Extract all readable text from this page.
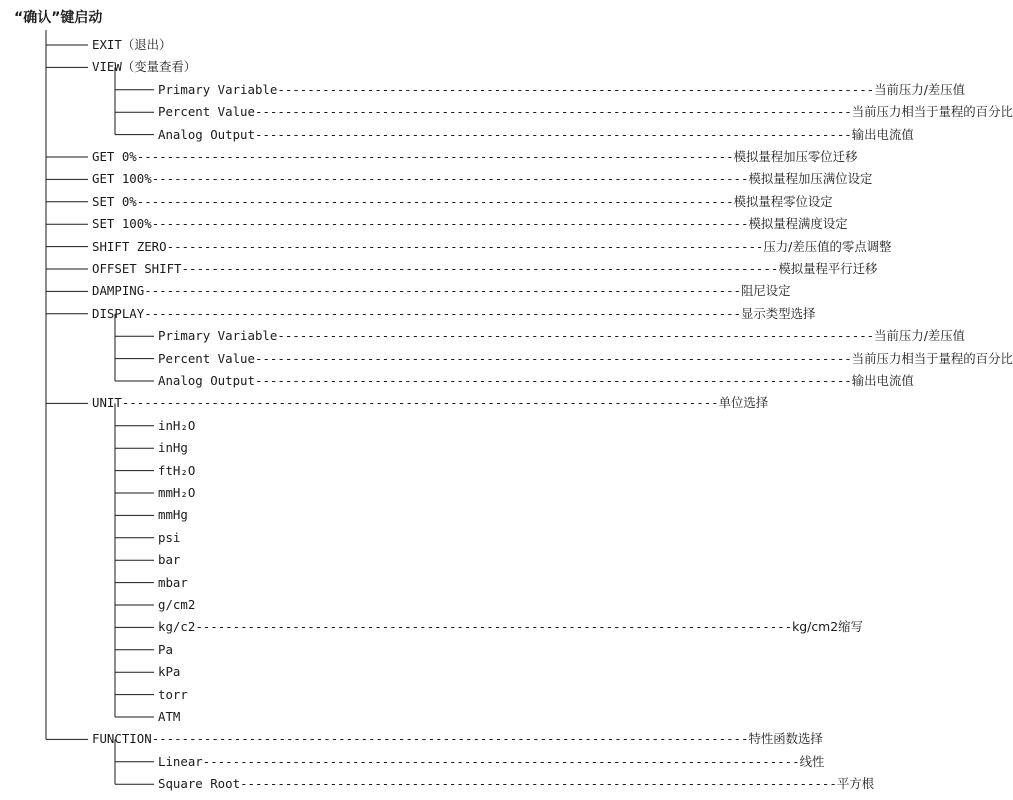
“确认”键启动
EXIT（退出）
VIEW（变量查看）
Primary Variable -------------------------------------------------------------------------------- 当前压力/差压值
Percent Value -------------------------------------------------------------------------------- 当前压力相当于量程的百分比
Analog Output -------------------------------------------------------------------------------- 输出电流值
GET 0% -------------------------------------------------------------------------------- 模拟量程加压零位迁移
GET 100% -------------------------------------------------------------------------------- 模拟量程加压满位设定
SET 0% -------------------------------------------------------------------------------- 模拟量程零位设定
SET 100% -------------------------------------------------------------------------------- 模拟量程满度设定
SHIFT ZERO -------------------------------------------------------------------------------- 压力/差压值的零点调整
OFFSET SHIFT -------------------------------------------------------------------------------- 模拟量程平行迁移
DAMPING -------------------------------------------------------------------------------- 阻尼设定
DISPLAY -------------------------------------------------------------------------------- 显示类型选择
Primary Variable -------------------------------------------------------------------------------- 当前压力/差压值
Percent Value -------------------------------------------------------------------------------- 当前压力相当于量程的百分比
Analog Output -------------------------------------------------------------------------------- 输出电流值
UNIT -------------------------------------------------------------------------------- 单位选择
inH₂O
inHg
ftH₂O
mmH₂O
mmHg
psi
bar
mbar
g/cm2
kg/c2 -------------------------------------------------------------------------------- kg/cm2缩写
Pa
kPa
torr
ATM
FUNCTION -------------------------------------------------------------------------------- 特性函数选择
Linear -------------------------------------------------------------------------------- 线性
Square Root -------------------------------------------------------------------------------- 平方根
